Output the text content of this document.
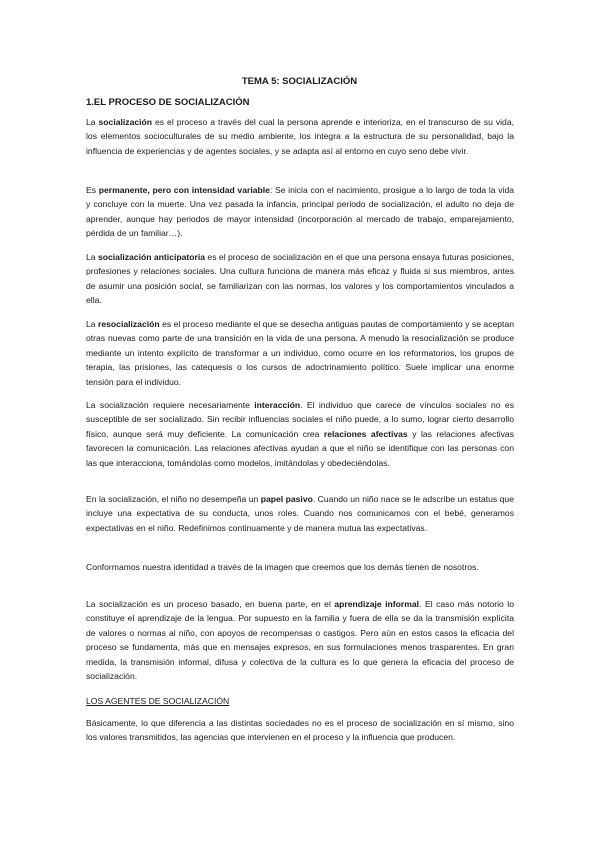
TEMA 5: SOCIALIZACIÓN
1.EL PROCESO DE SOCIALIZACIÓN

La socialización es el proceso a través del cual la persona aprende e interioriza, en el transcurso de su vida, los elementos socioculturales de su medio ambiente, los integra a la estructura de su personalidad, bajo la influencia de experiencias y de agentes sociales, y se adapta así al entorno en cuyo seno debe vivir.

Es permanente, pero con intensidad variable: Se inicia con el nacimiento, prosigue a lo largo de toda la vida y concluye con la muerte. Una vez pasada la infancia, principal periodo de socialización, el adulto no deja de aprender, aunque hay periodos de mayor intensidad (incorporación al mercado de trabajo, emparejamiento, pérdida de un familiar…).

La socialización anticipatoria es el proceso de socialización en el que una persona ensaya futuras posiciones, profesiones y relaciones sociales. Una cultura funciona de manera más eficaz y fluida si sus miembros, antes de asumir una posición social, se familiarizan con las normas, los valores y los comportamientos vinculados a ella.

La resocialización es el proceso mediante el que se desecha antiguas pautas de comportamiento y se aceptan otras nuevas como parte de una transición en la vida de una persona. A menudo la resocialización se produce mediante un intento explícito de transformar a un individuo, como ocurre en los reformatorios, los grupos de terapia, las prisiones, las catequesis o los cursos de adoctrinamiento político. Suele implicar una enorme tensión para el individuo.

La socialización requiere necesariamente interacción. El individuo que carece de vínculos sociales no es susceptible de ser socializado. Sin recibir influencias sociales el niño puede, a lo sumo, lograr cierto desarrollo físico, aunque será muy deficiente. La comunicación crea relaciones afectivas y las relaciones afectivas favorecen la comunicación. Las relaciones afectivas ayudan a que el niño se identifique con las personas con las que interacciona, tomándolas como modelos, imitándolas y obedeciéndolas.

En la socialización, el niño no desempeña un papel pasivo. Cuando un niño nace se le adscribe un estatus que incluye una expectativa de su conducta, unos roles. Cuando nos comunicamos con el bebé, generamos expectativas en el niño. Redefinimos continuamente y de manera mutua las expectativas.

Conformamos nuestra identidad a través de la imagen que creemos que los demás tienen de nosotros.

La socialización es un proceso basado, en buena parte, en el aprendizaje informal. El caso más notorio lo constituye el aprendizaje de la lengua. Por supuesto en la familia y fuera de ella se da la transmisión explícita de valores o normas al niño, con apoyos de recompensas o castigos. Pero aún en estos casos la eficacia del proceso se fundamenta, más que en mensajes expresos, en sus formulaciones menos trasparentes. En gran medida, la transmisión informal, difusa y colectiva de la cultura es lo que genera la eficacia del proceso de socialización.

LOS AGENTES DE SOCIALIZACIÓN

Básicamente, lo que diferencia a las distintas sociedades no es el proceso de socialización en sí mismo, sino los valores transmitidos, las agencias que intervienen en el proceso y la influencia que producen.
